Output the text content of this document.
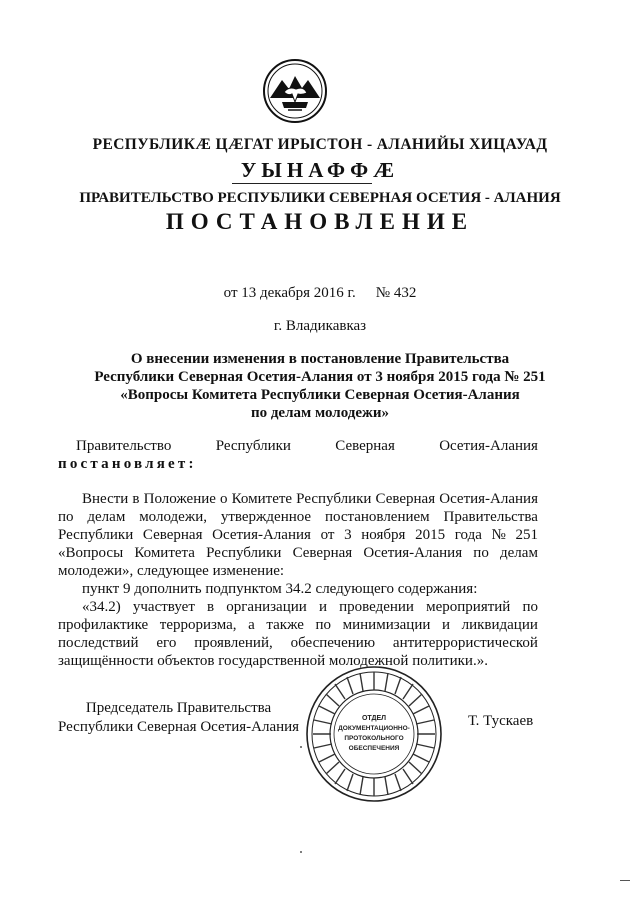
РЕСПУБЛИКӔ ЦӔГАТ ИРЫСТОН - АЛАНИЙЫ ХИЦАУАД
УЫНАФФӔ
ПРАВИТЕЛЬСТВО РЕСПУБЛИКИ СЕВЕРНАЯ ОСЕТИЯ - АЛАНИЯ
ПОСТАНОВЛЕНИЕ
от 13 декабря 2016 г. № 432
г. Владикавказ
О внесении изменения в постановление Правительства
Республики Северная Осетия-Алания от 3 ноября 2015 года № 251
«Вопросы Комитета Республики Северная Осетия-Алания
по делам молодежи»
Правительство	Республики	Северная	Осетия-Алания
постановляет:
Внести в Положение о Комитете Республики Северная Осетия-Алания
по делам молодежи, утвержденное постановлением Правительства
Республики Северная Осетия-Алания от 3 ноября 2015 года № 251
«Вопросы Комитета Республики Северная Осетия-Алания по делам
молодежи», следующее изменение:
пункт 9 дополнить подпунктом 34.2 следующего содержания:
«34.2) участвует в организации и проведении мероприятий по
профилактике терроризма, а также по минимизации и ликвидации
последствий его проявлений, обеспечению антитеррористической
защищённости объектов государственной молодежной политики.».
Председатель Правительства
Республики Северная Осетия-Алания
ОТДЕЛ
ДОКУМЕНТАЦИОННО-
ПРОТОКОЛЬНОГО
ОБЕСПЕЧЕНИЯ
Т. Тускаев
